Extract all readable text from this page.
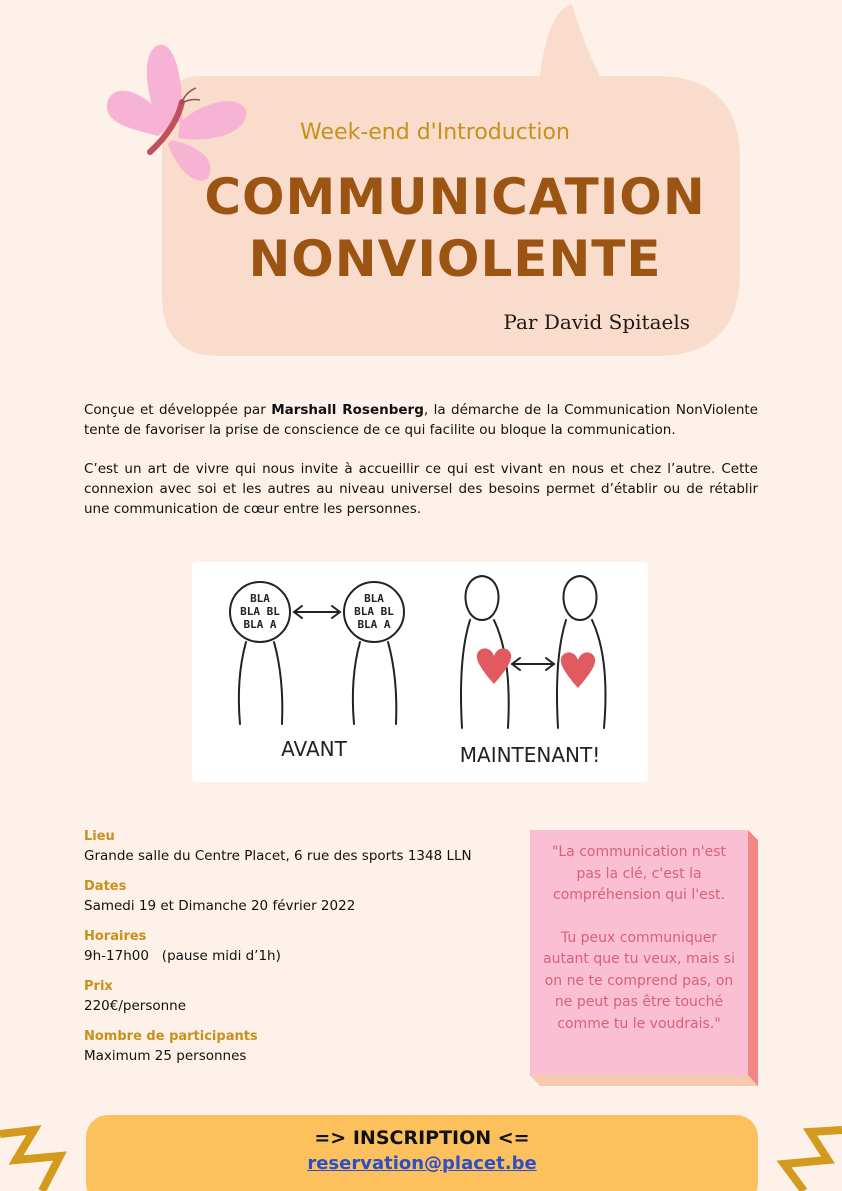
Week-end d'Introduction
COMMUNICATION
NONVIOLENTE
Par David Spitaels

Conçue et développée par Marshall Rosenberg, la démarche de la Communication NonViolente tente de favoriser la prise de conscience de ce qui facilite ou bloque la communication.

C’est un art de vivre qui nous invite à accueillir ce qui est vivant en nous et chez l’autre. Cette connexion avec soi et les autres au niveau universel des besoins permet d’établir ou de rétablir une communication de cœur entre les personnes.

BLA
BLA BL
BLA A
BLA
BLA BL
BLA A
AVANT	MAINTENANT!
Lieu
Grande salle du Centre Placet, 6 rue des sports 1348 LLN
Dates
Samedi 19 et Dimanche 20 février 2022
Horaires
9h-17h00   (pause midi d’1h)
Prix
220€/personne
Nombre de participants
Maximum 25 personnes

"La communication n'est pas la clé, c'est la compréhension qui l'est.

Tu peux communiquer autant que tu veux, mais si on ne te comprend pas, on ne peut pas être touché comme tu le voudrais."

=> INSCRIPTION <=
reservation@placet.be
